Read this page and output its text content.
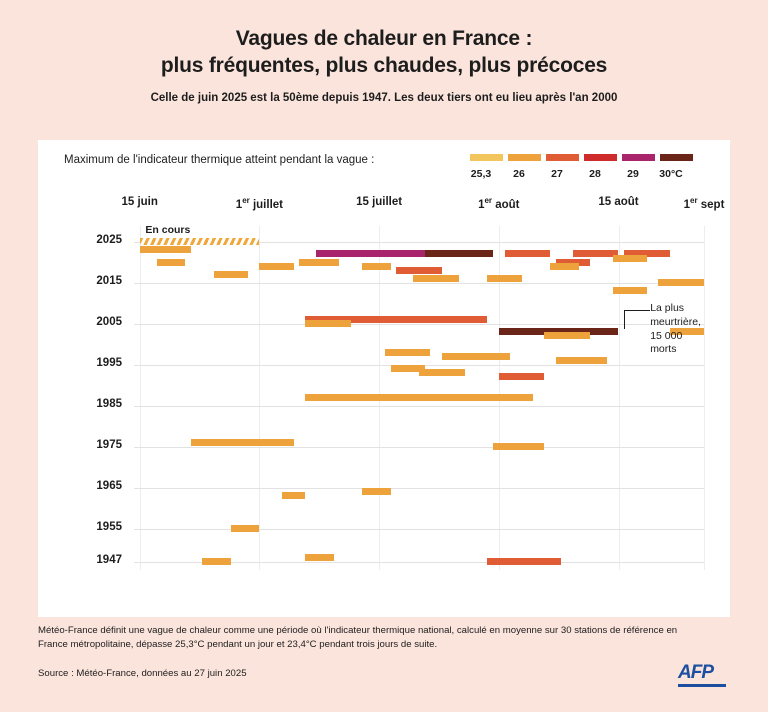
Vagues de chaleur en France :
plus fréquentes, plus chaudes, plus précoces
Celle de juin 2025 est la 50ème depuis 1947. Les deux tiers ont eu lieu après l'an 2000
Maximum de l'indicateur thermique atteint pendant la vague :
25,3	26	27	28	29	30°C
15 juin	1er juillet	15 juillet	1er août	15 août	1er sept
2025
2015
2005
1995
1985
1975
1965
1955
1947
En cours
La plus meurtrière,
15 000 morts
Météo-France définit une vague de chaleur comme une période où l'indicateur thermique national, calculé en moyenne sur 30 stations de référence en France métropolitaine, dépasse 25,3°C pendant un jour et 23,4°C pendant trois jours de suite.
Source : Météo-France, données au 27 juin 2025	AFP
